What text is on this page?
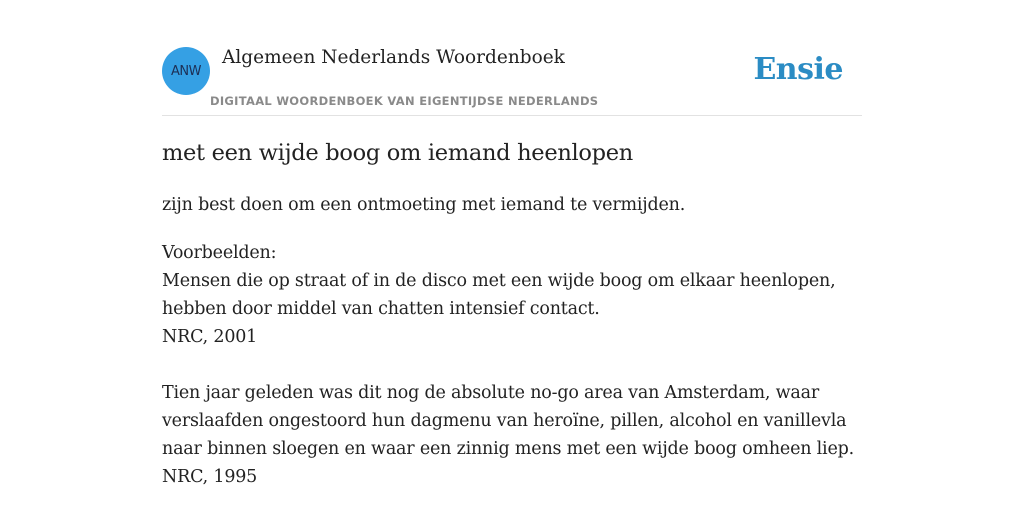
ANW
Algemeen Nederlands Woordenboek
DIGITAAL WOORDENBOEK VAN EIGENTIJDSE NEDERLANDS
Ensie
met een wijde boog om iemand heenlopen
zijn best doen om een ontmoeting met iemand te vermijden.
Voorbeelden:
Mensen die op straat of in de disco met een wijde boog om elkaar heenlopen,
hebben door middel van chatten intensief contact.
NRC, 2001
Tien jaar geleden was dit nog de absolute no-go area van Amsterdam, waar
verslaafden ongestoord hun dagmenu van heroïne, pillen, alcohol en vanillevla
naar binnen sloegen en waar een zinnig mens met een wijde boog omheen liep.
NRC, 1995
